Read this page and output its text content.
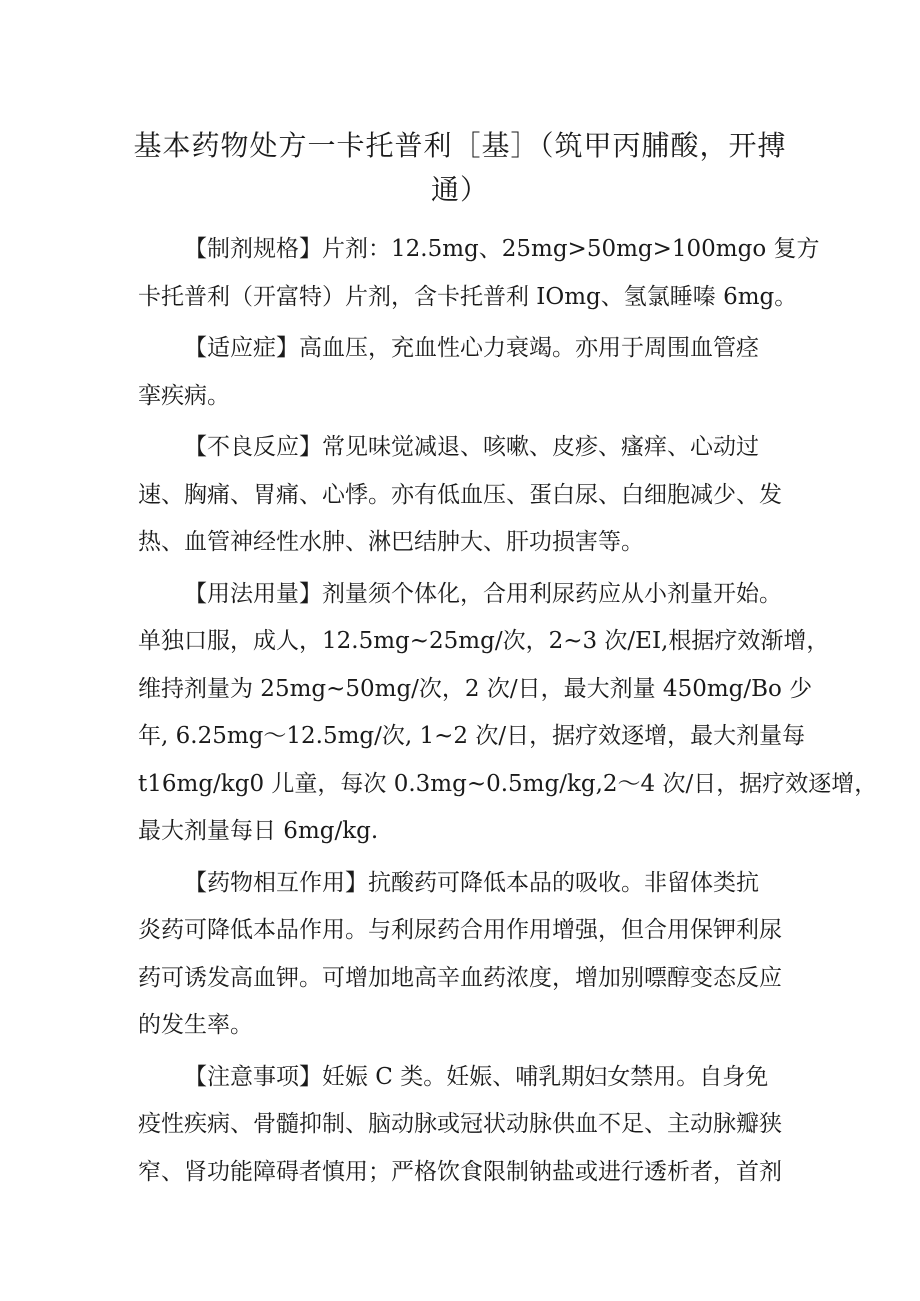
基本药物处方一卡托普利［基］（筑甲丙脯酸，开搏
通）

【制剂规格】片剂：12.5mg、25mg>50mg>100mgo 复方
卡托普利（开富特）片剂，含卡托普利 IOmg、氢氯睡嗪 6mg。

【适应症】高血压，充血性心力衰竭。亦用于周围血管痉
挛疾病。

【不良反应】常见味觉减退、咳嗽、皮疹、瘙痒、心动过
速、胸痛、胃痛、心悸。亦有低血压、蛋白尿、白细胞减少、发
热、血管神经性水肿、淋巴结肿大、肝功损害等。

【用法用量】剂量须个体化，合用利尿药应从小剂量开始。
单独口服，成人，12.5mg~25mg/次，2~3 次/EI,根据疗效渐增，
维持剂量为 25mg~50mg/次，2 次/日，最大剂量 450mg∕Bo 少
年, 6.25mg～12.5mg∕次, 1~2 次/日，据疗效逐增，最大剂量每
t16mg∕kg0 儿童，每次 0.3mg~0.5mg∕kg,2～4 次/日，据疗效逐增，
最大剂量每日 6mg∕kg.

【药物相互作用】抗酸药可降低本品的吸收。非留体类抗
炎药可降低本品作用。与利尿药合用作用增强，但合用保钾利尿
药可诱发高血钾。可增加地高辛血药浓度，增加别嘌醇变态反应
的发生率。

【注意事项】妊娠 C 类。妊娠、哺乳期妇女禁用。自身免
疫性疾病、骨髓抑制、脑动脉或冠状动脉供血不足、主动脉瓣狭
窄、肾功能障碍者慎用；严格饮食限制钠盐或进行透析者，首剂
